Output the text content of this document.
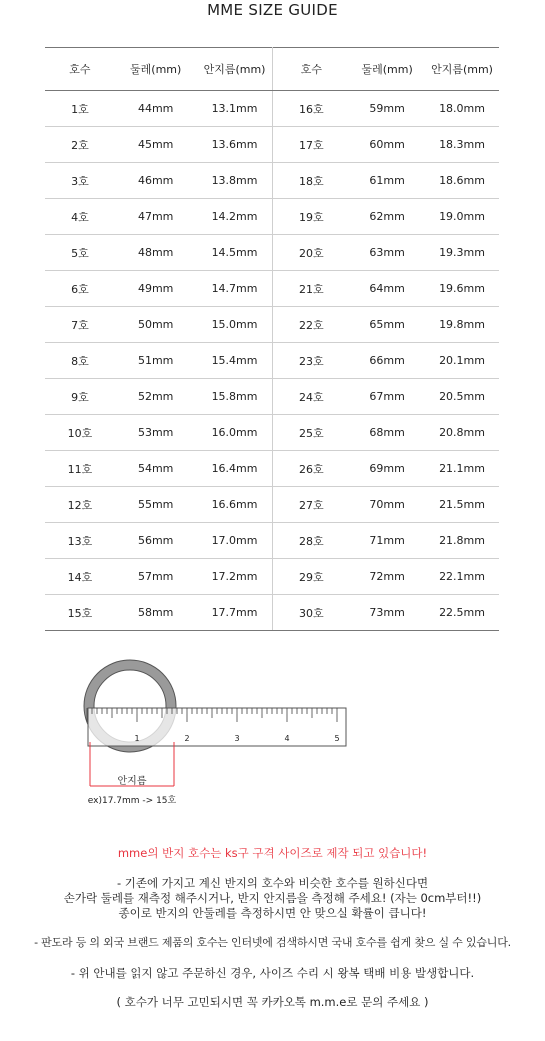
MME SIZE GUIDE
호수	둘레(mm)	안지름(mm)	호수	둘레(mm)	안지름(mm)
1호	44mm	13.1mm	16호	59mm	18.0mm
2호	45mm	13.6mm	17호	60mm	18.3mm
3호	46mm	13.8mm	18호	61mm	18.6mm
4호	47mm	14.2mm	19호	62mm	19.0mm
5호	48mm	14.5mm	20호	63mm	19.3mm
6호	49mm	14.7mm	21호	64mm	19.6mm
7호	50mm	15.0mm	22호	65mm	19.8mm
8호	51mm	15.4mm	23호	66mm	20.1mm
9호	52mm	15.8mm	24호	67mm	20.5mm
10호	53mm	16.0mm	25호	68mm	20.8mm
11호	54mm	16.4mm	26호	69mm	21.1mm
12호	55mm	16.6mm	27호	70mm	21.5mm
13호	56mm	17.0mm	28호	71mm	21.8mm
14호	57mm	17.2mm	29호	72mm	22.1mm
15호	58mm	17.7mm	30호	73mm	22.5mm
1	2	3	4	5
안지름
ex)17.7mm -> 15호
mme의 반지 호수는 ks구 구격 사이즈로 제작 되고 있습니다!
- 기존에 가지고 계신 반지의 호수와 비슷한 호수를 원하신다면
손가락 둘레를 재측정 해주시거나, 반지 안지름을 측정해 주세요! (자는 0cm부터!!)
종이로 반지의 안둘레를 측정하시면 안 맞으실 확률이 큽니다!
- 판도라 등 의 외국 브랜드 제품의 호수는 인터넷에 검색하시면 국내 호수를 쉽게 찾으 실 수 있습니다.
- 위 안내를 읽지 않고 주문하신 경우, 사이즈 수리 시 왕복 택배 비용 발생합니다.
( 호수가 너무 고민되시면 꼭 카카오톡 m.m.e로 문의 주세요 )
